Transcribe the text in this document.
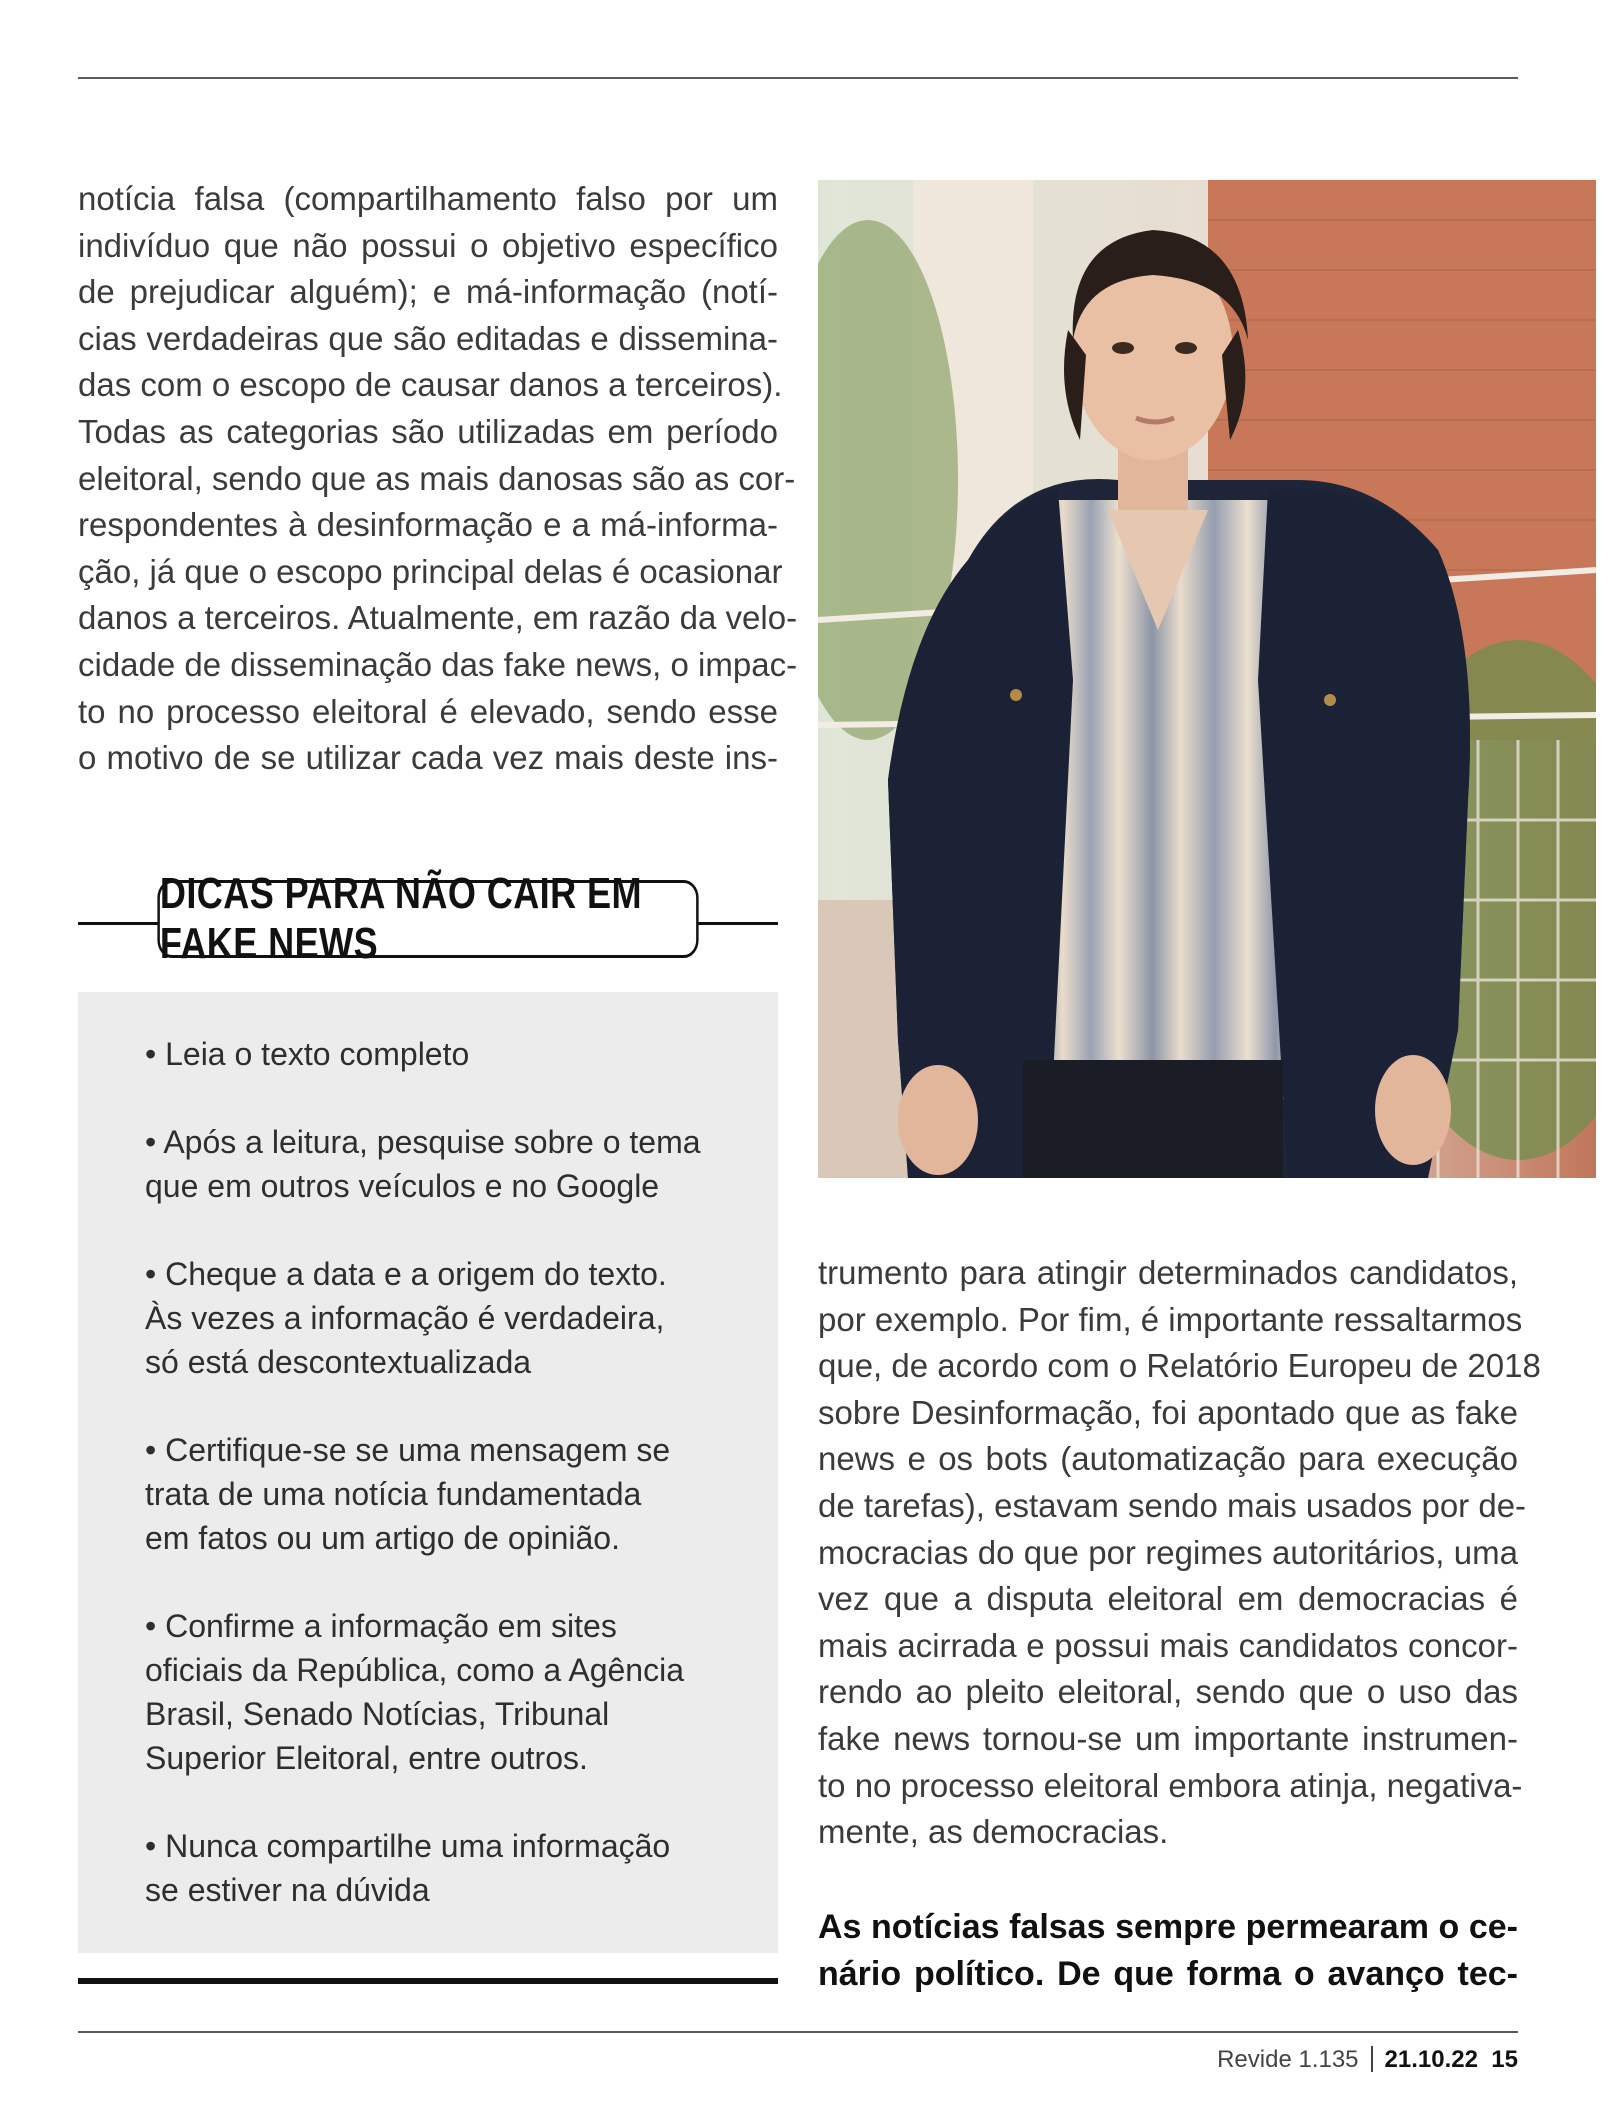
notícia falsa (compartilhamento falso por um
indivíduo que não possui o objetivo específico
de prejudicar alguém); e má-informação (notí-
cias verdadeiras que são editadas e dissemina-
das com o escopo de causar danos a terceiros).
Todas as categorias são utilizadas em período
eleitoral, sendo que as mais danosas são as cor-
respondentes à desinformação e a má-informa-
ção, já que o escopo principal delas é ocasionar
danos a terceiros. Atualmente, em razão da velo-
cidade de disseminação das fake news, o impac-
to no processo eleitoral é elevado, sendo esse
o motivo de se utilizar cada vez mais deste ins-
DICAS PARA NÃO CAIR EM FAKE NEWS
• Leia o texto completo
• Após a leitura, pesquise sobre o tema
que em outros veículos e no Google
• Cheque a data e a origem do texto.
Às vezes a informação é verdadeira,
só está descontextualizada
• Certifique-se se uma mensagem se
trata de uma notícia fundamentada
em fatos ou um artigo de opinião.
• Confirme a informação em sites
oficiais da República, como a Agência
Brasil, Senado Notícias, Tribunal
Superior Eleitoral, entre outros.
• Nunca compartilhe uma informação
se estiver na dúvida
trumento para atingir determinados candidatos,
por exemplo. Por fim, é importante ressaltarmos
que, de acordo com o Relatório Europeu de 2018
sobre Desinformação, foi apontado que as fake
news e os bots (automatização para execução
de tarefas), estavam sendo mais usados por de-
mocracias do que por regimes autoritários, uma
vez que a disputa eleitoral em democracias é
mais acirrada e possui mais candidatos concor-
rendo ao pleito eleitoral, sendo que o uso das
fake news tornou-se um importante instrumen-
to no processo eleitoral embora atinja, negativa-
mente, as democracias.
As notícias falsas sempre permearam o ce-
nário político. De que forma o avanço tec-
Revide 1.135 21.10.22 15
